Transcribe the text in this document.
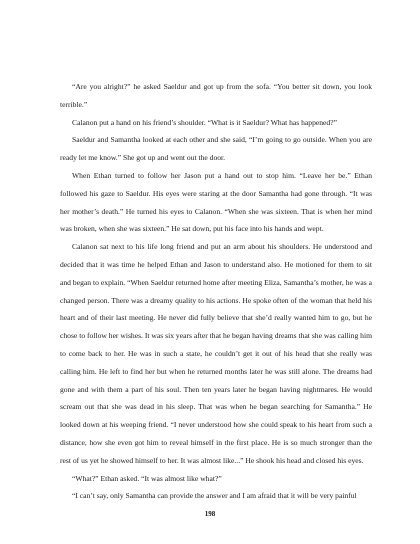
“Are you alright?” he asked Saeldur and got up from the sofa. “You better sit down, you look terrible.”

Calanon put a hand on his friend’s shoulder. “What is it Saeldur? What has happened?”

Saeldur and Samantha looked at each other and she said, “I’m going to go outside. When you are ready let me know.” She got up and went out the door.

When Ethan turned to follow her Jason put a hand out to stop him. “Leave her be.” Ethan followed his gaze to Saeldur. His eyes were staring at the door Samantha had gone through. “It was her mother’s death.” He turned his eyes to Calanon. “When she was sixteen. That is when her mind was broken, when she was sixteen.” He sat down, put his face into his hands and wept.

Calanon sat next to his life long friend and put an arm about his shoulders. He understood and decided that it was time he helped Ethan and Jason to understand also. He motioned for them to sit and began to explain. “When Saeldur returned home after meeting Eliza, Samantha’s mother, he was a changed person. There was a dreamy quality to his actions. He spoke often of the woman that held his heart and of their last meeting. He never did fully believe that she’d really wanted him to go, but he chose to follow her wishes. It was six years after that he began having dreams that she was calling him to come back to her. He was in such a state, he couldn’t get it out of his head that she really was calling him. He left to find her but when he returned months later he was still alone. The dreams had gone and with them a part of his soul. Then ten years later he began having nightmares. He would scream out that she was dead in his sleep. That was when he began searching for Samantha.” He looked down at his weeping friend. “I never understood how she could speak to his heart from such a distance, how she even got him to reveal himself in the first place. He is so much stronger than the rest of us yet he showed himself to her. It was almost like...” He shook his head and closed his eyes.

“What?” Ethan asked. “It was almost like what?”

“I can’t say, only Samantha can provide the answer and I am afraid that it will be very painful

198
